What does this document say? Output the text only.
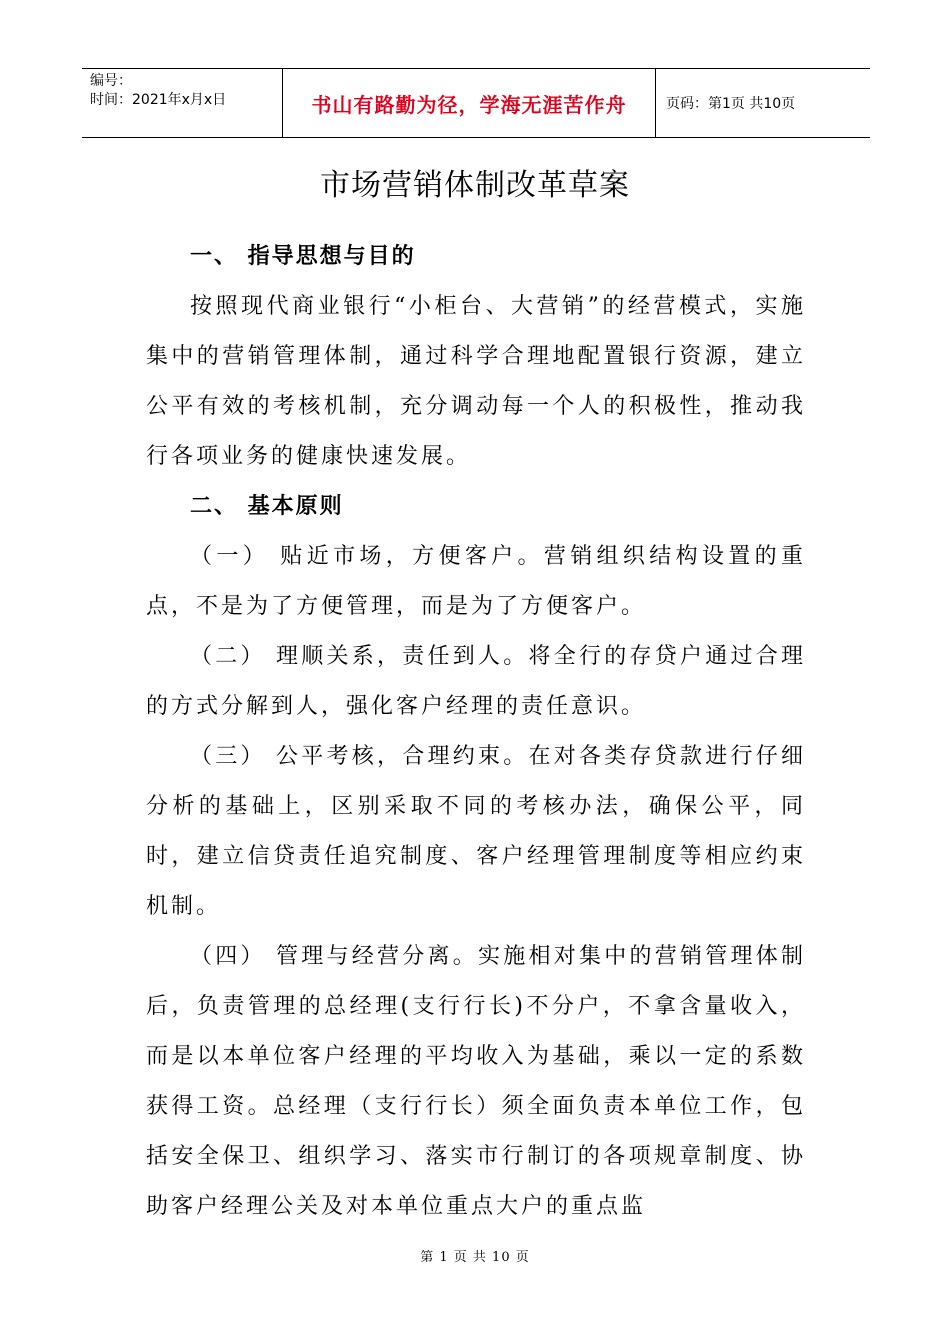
编号：
时间：2021年x月x日	书山有路勤为径，学海无涯苦作舟	页码：第1页 共10页
市场营销体制改革草案
一、 指导思想与目的

按照现代商业银行“小柜台、大营销”的经营模式，实施集中的营销管理体制，通过科学合理地配置银行资源，建立公平有效的考核机制，充分调动每一个人的积极性，推动我行各项业务的健康快速发展。

二、 基本原则

（一） 贴近市场，方便客户。营销组织结构设置的重点，不是为了方便管理，而是为了方便客户。

（二） 理顺关系，责任到人。将全行的存贷户通过合理的方式分解到人，强化客户经理的责任意识。

（三） 公平考核，合理约束。在对各类存贷款进行仔细分析的基础上，区别采取不同的考核办法，确保公平，同时，建立信贷责任追究制度、客户经理管理制度等相应约束机制。

（四） 管理与经营分离。实施相对集中的营销管理体制后，负责管理的总经理(支行行长)不分户，不拿含量收入，而是以本单位客户经理的平均收入为基础，乘以一定的系数获得工资。总经理（支行行长）须全面负责本单位工作，包括安全保卫、组织学习、落实市行制订的各项规章制度、协助客户经理公关及对本单位重点大户的重点监

第 1 页 共 10 页
